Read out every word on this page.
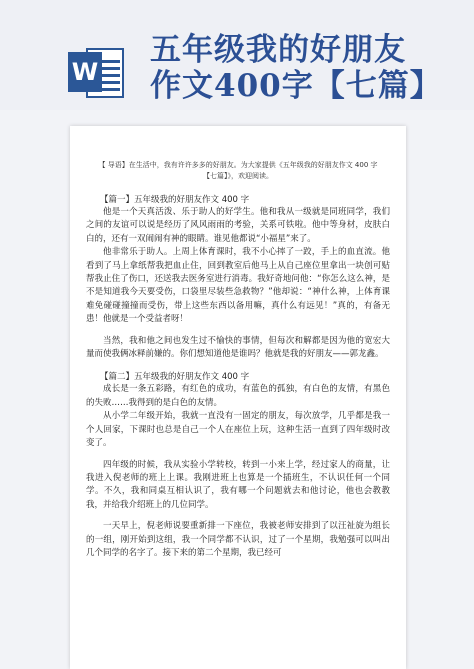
W
五年级我的好朋友
作文400字【七篇】
【 导语】在生活中，我有许许多多的好朋友。为大家提供《五年级我的好朋友作文 400 字【七篇】》，欢迎阅读。
【篇一】五年级我的好朋友作文 400 字

他是一个天真活泼、乐于助人的好学生。他和我从一级就是同班同学，我们之间的友谊可以说是经历了风风雨雨的考验，关系可铁啦。他中等身材，皮肤白白的，还有一双闹闹有神的眼睛。谁见他都说“小福星”来了。

他非常乐于助人。上周上体育课时，我不小心摔了一跤，手上的血直流。他看到了马上拿纸帮我把血止住，回到教室后他马上从自己座位里拿出一块创可贴帮我止住了伤口，还送我去医务室进行消毒。我好奇地问他：“你怎么这么神，是不是知道我今天要受伤，口袋里尽装些急救物？”他却说：“神什么神，上体育课难免碰碰撞撞而受伤，带上这些东西以备用嘛，真什么有远见！”真的，有备无患！他就是一个受益者呀！

当然，我和他之间也发生过不愉快的事情，但每次和解都是因为他的宽宏大量而使我俩冰释前嫌的。你们想知道他是谁吗？他就是我的好朋友——郭龙鑫。

【篇二】五年级我的好朋友作文 400 字

成长是一条五彩路，有红色的成功，有蓝色的孤独，有白色的友情，有黑色的失败……我得到的是白色的友情。

从小学二年级开始，我就一直没有一固定的朋友，每次放学，几乎都是我一个人回家，下课时也总是自己一个人在座位上玩，这种生活一直到了四年级时改变了。

四年级的时候，我从实验小学转校，转到一小来上学，经过家人的商量，让我进入倪老师的班上上课。我刚进班上也算是一个插班生，不认识任何一个同学。不久，我和同桌互相认识了，我有哪一个问题就去和他讨论，他也会教教我，并给我介绍班上的几位同学。

一天早上，倪老师说要重新排一下座位，我被老师安排到了以汪祉旋为组长的一组，刚开始到这组，我一个同学都不认识，过了一个星期，我勉强可以叫出几个同学的名字了。接下来的第二个星期，我已经可
